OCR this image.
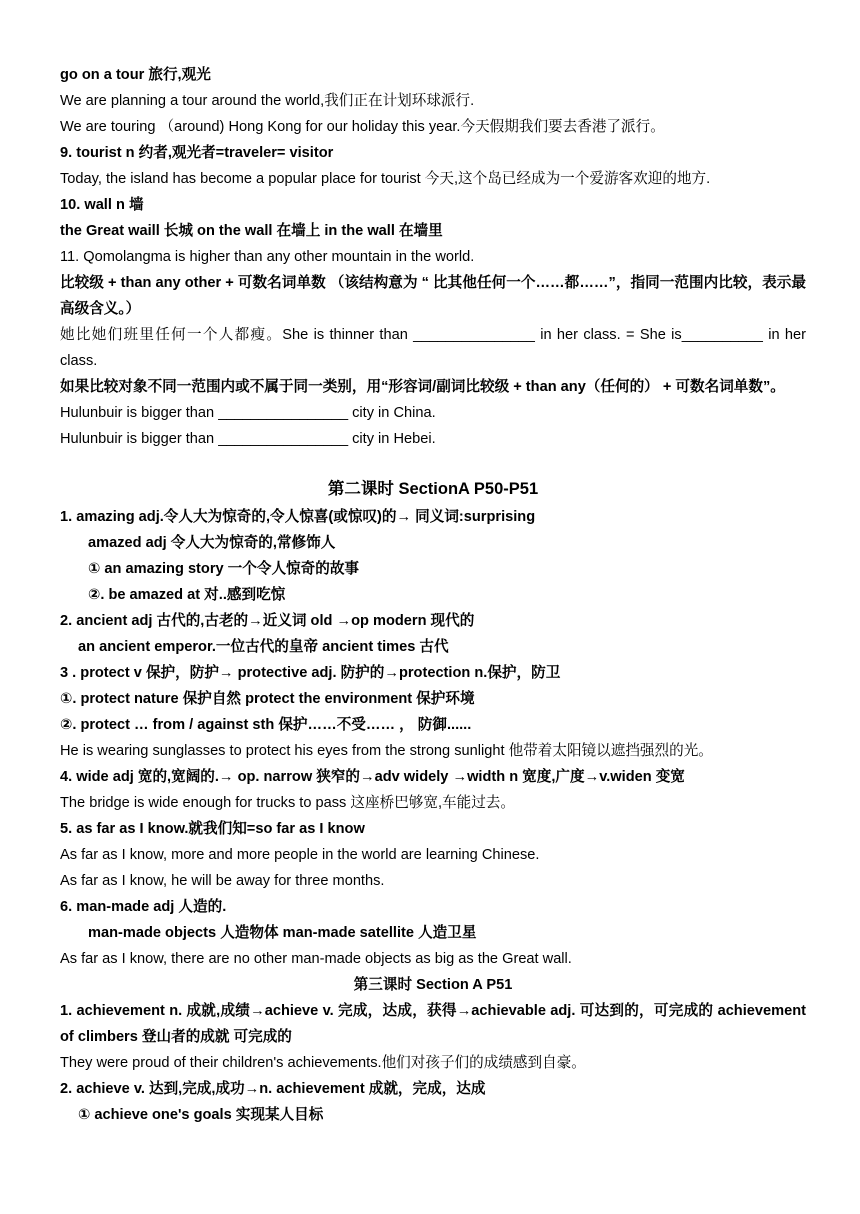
go on a tour 旅行,观光
We are planning a tour around the world,我们正在计划环球派行.
We are touring （around) Hong Kong for our holiday this year.今天假期我们要去香港了派行。
9. tourist n 约者,观光者=traveler= visitor
Today, the island has become a popular place for tourist 今天,这个岛已经成为一个爱游客欢迎的地方.
10. wall n 墙
the Great waill 长城 on the wall 在墙上 in the wall 在墙里
11. Qomolangma is higher than any other mountain in the world.
比较级 + than any other + 可数名词单数 （该结构意为 “ 比其他任何一个……都……”，指同一范围内比较，表示最高级含义。）
她比她们班里任何一个人都瘦。She is thinner than _______________ in her class. = She is__________ in her class.
如果比较对象不同一范围内或不属于同一类别，用“形容词/副词比较级 + than any（任何的） + 可数名词单数”。
Hulunbuir is bigger than ________________ city in China.
Hulunbuir is bigger than ________________ city in Hebei.
第二课时 SectionA P50-P51
1. amazing adj.令人大为惊奇的,令人惊喜(或惊叹)的→ 同义词:surprising
amazed adj 令人大为惊奇的,常修饰人
① an amazing story 一个令人惊奇的故事
②. be amazed at 对..感到吃惊
2. ancient adj 古代的,古老的→近义词 old →op modern 现代的
an ancient emperor.一位古代的皇帝 ancient times 古代
3 . protect v 保护，防护→ protective adj. 防护的→protection n.保护，防卫
①. protect nature 保护自然 protect the environment 保护环境
②. protect … from / against sth 保护……不受…… ， 防御......
He is wearing sunglasses to protect his eyes from the strong sunlight 他带着太阳镜以遮挡强烈的光。
4. wide adj 宽的,宽阔的.→ op. narrow 狭窄的→adv widely →width n 宽度,广度→v.widen 变宽
The bridge is wide enough for trucks to pass 这座桥巴够宽,车能过去。
5. as far as I know.就我们知=so far as I know
As far as I know, more and more people in the world are learning Chinese.
As far as I know, he will be away for three months.
6. man-made adj 人造的.
man-made objects 人造物体 man-made satellite 人造卫星
As far as I know, there are no other man-made objects as big as the Great wall.
第三课时 Section A P51
1. achievement n. 成就,成绩→achieve v. 完成，达成，获得→achievable adj. 可达到的，可完成的 achievement of climbers 登山者的成就 可完成的
They were proud of their children's achievements.他们对孩子们的成绩感到自豪。
2. achieve v. 达到,完成,成功→n. achievement 成就，完成，达成
① achieve one's goals 实现某人目标
